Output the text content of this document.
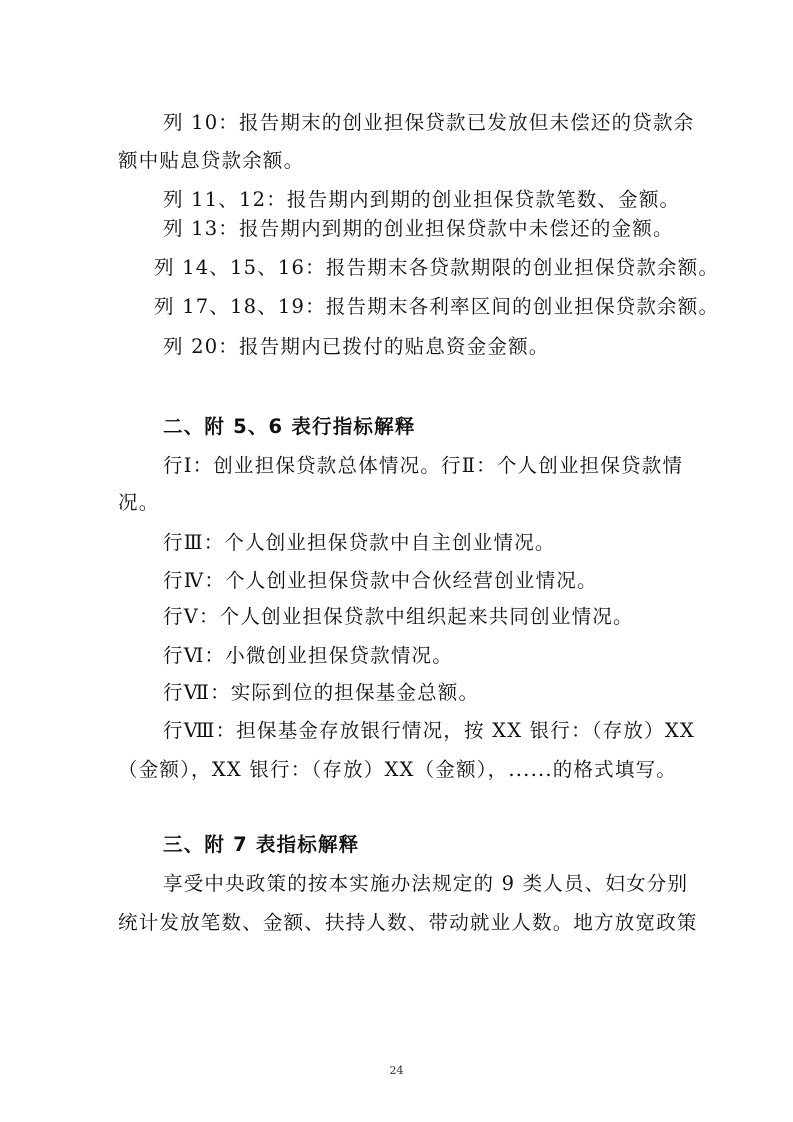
列 10：报告期末的创业担保贷款已发放但未偿还的贷款余
额中贴息贷款余额。
列 11、12：报告期内到期的创业担保贷款笔数、金额。
列 13：报告期内到期的创业担保贷款中未偿还的金额。
列 14、15、16：报告期末各贷款期限的创业担保贷款余额。
列 17、18、19：报告期末各利率区间的创业担保贷款余额。
列 20：报告期内已拨付的贴息资金金额。
二、附 5、6 表行指标解释
行Ⅰ：创业担保贷款总体情况。行Ⅱ：个人创业担保贷款情
况。
行Ⅲ：个人创业担保贷款中自主创业情况。
行Ⅳ：个人创业担保贷款中合伙经营创业情况。
行Ⅴ：个人创业担保贷款中组织起来共同创业情况。
行Ⅵ：小微创业担保贷款情况。
行Ⅶ：实际到位的担保基金总额。
行Ⅷ：担保基金存放银行情况，按 XX 银行：（存放）XX
（金额），XX 银行：（存放）XX（金额），......的格式填写。
三、附 7 表指标解释
享受中央政策的按本实施办法规定的 9 类人员、妇女分别
统计发放笔数、金额、扶持人数、带动就业人数。地方放宽政策
24
